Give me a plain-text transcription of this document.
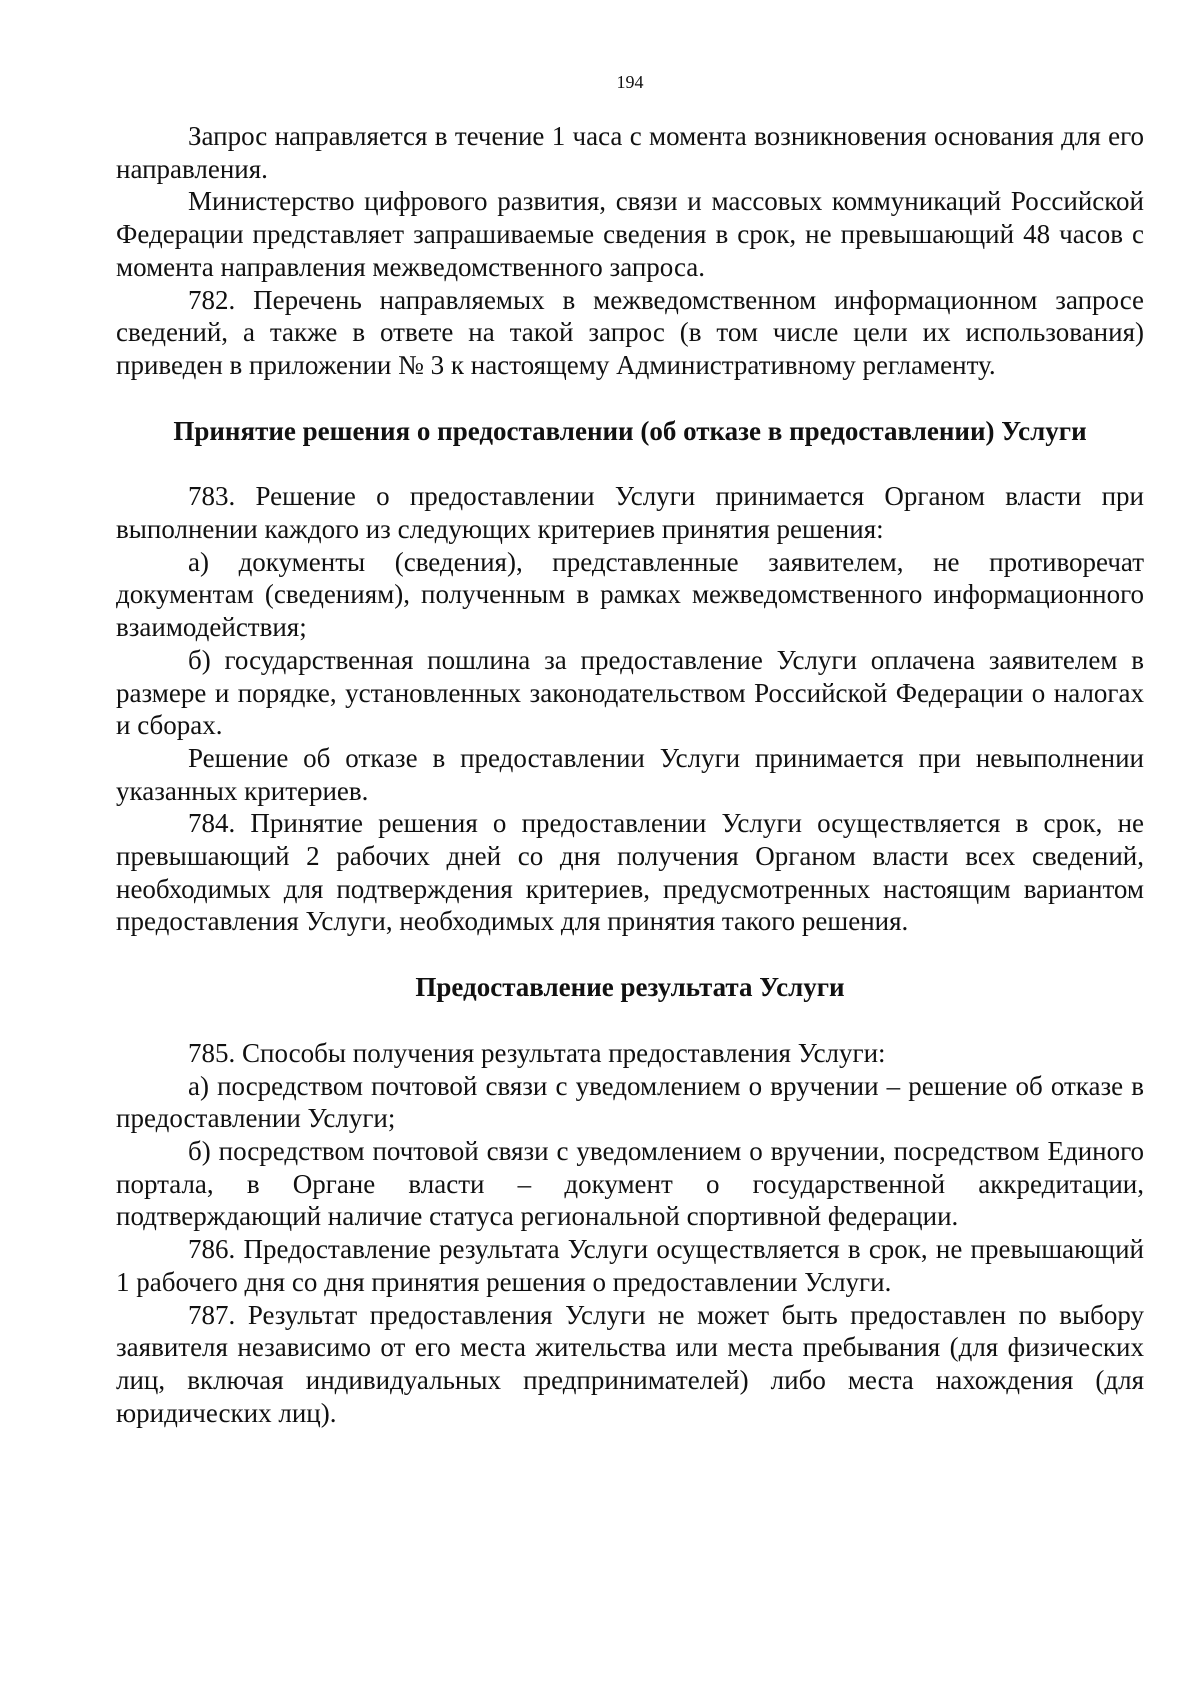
194

Запрос направляется в течение 1 часа с момента возникновения основания для его направления.

Министерство цифрового развития, связи и массовых коммуникаций Российской Федерации представляет запрашиваемые сведения в срок, не превышающий 48 часов с момента направления межведомственного запроса.

782. Перечень направляемых в межведомственном информационном запросе сведений, а также в ответе на такой запрос (в том числе цели их использования) приведен в приложении № 3 к настоящему Административному регламенту.

Принятие решения о предоставлении (об отказе в предоставлении) Услуги

783. Решение о предоставлении Услуги принимается Органом власти при выполнении каждого из следующих критериев принятия решения:

а) документы (сведения), представленные заявителем, не противоречат документам (сведениям), полученным в рамках межведомственного информационного взаимодействия;

б) государственная пошлина за предоставление Услуги оплачена заявителем в размере и порядке, установленных законодательством Российской Федерации о налогах и сборах.

Решение об отказе в предоставлении Услуги принимается при невыполнении указанных критериев.

784. Принятие решения о предоставлении Услуги осуществляется в срок, не превышающий 2 рабочих дней со дня получения Органом власти всех сведений, необходимых для подтверждения критериев, предусмотренных настоящим вариантом предоставления Услуги, необходимых для принятия такого решения.

Предоставление результата Услуги

785. Способы получения результата предоставления Услуги:

а) посредством почтовой связи с уведомлением о вручении – решение об отказе в предоставлении Услуги;

б) посредством почтовой связи с уведомлением о вручении, посредством Единого портала, в Органе власти – документ о государственной аккредитации, подтверждающий наличие статуса региональной спортивной федерации.

786. Предоставление результата Услуги осуществляется в срок, не превышающий 1 рабочего дня со дня принятия решения о предоставлении Услуги.

787. Результат предоставления Услуги не может быть предоставлен по выбору заявителя независимо от его места жительства или места пребывания (для физических лиц, включая индивидуальных предпринимателей) либо места нахождения (для юридических лиц).
